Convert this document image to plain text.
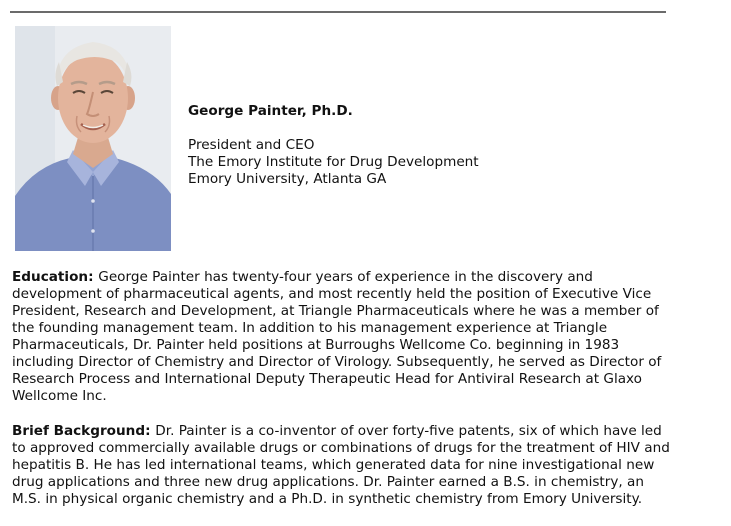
George Painter, Ph.D.

President and CEO

The Emory Institute for Drug Development

Emory University, Atlanta GA

Education: George Painter has twenty-four years of experience in the discovery and development of pharmaceutical agents, and most recently held the position of Executive Vice President, Research and Development, at Triangle Pharmaceuticals where he was a member of the founding management team. In addition to his management experience at Triangle Pharmaceuticals, Dr. Painter held positions at Burroughs Wellcome Co. beginning in 1983 including Director of Chemistry and Director of Virology. Subsequently, he served as Director of Research Process and International Deputy Therapeutic Head for Antiviral Research at Glaxo Wellcome Inc.
Brief Background: Dr. Painter is a co-inventor of over forty-five patents, six of which have led to approved commercially available drugs or combinations of drugs for the treatment of HIV and hepatitis B. He has led international teams, which generated data for nine investigational new drug applications and three new drug applications. Dr. Painter earned a B.S. in chemistry, an M.S. in physical organic chemistry and a Ph.D. in synthetic chemistry from Emory University.
